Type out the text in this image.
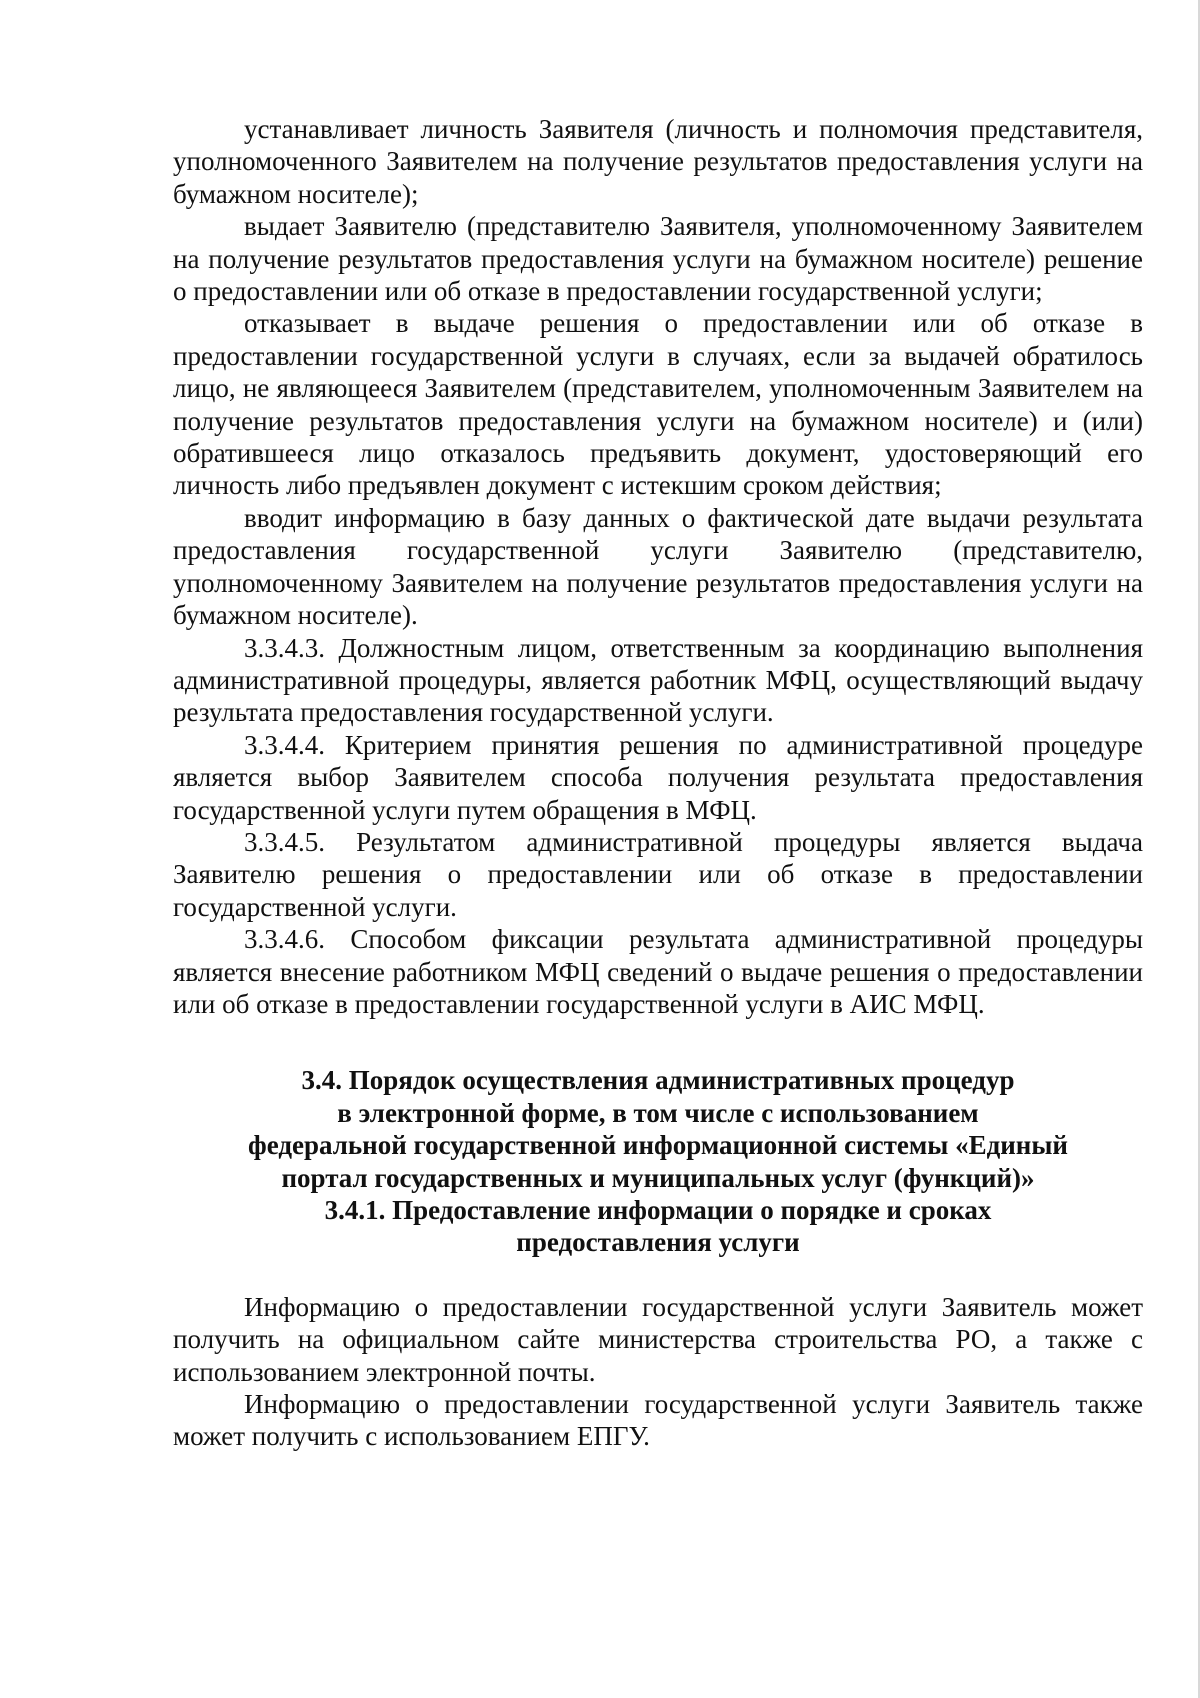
устанавливает личность Заявителя (личность и полномочия представителя, уполномоченного Заявителем на получение результатов предоставления услуги на бумажном носителе);

выдает Заявителю (представителю Заявителя, уполномоченному Заявителем на получение результатов предоставления услуги на бумажном носителе) решение о предоставлении или об отказе в предоставлении государственной услуги;

отказывает в выдаче решения о предоставлении или об отказе в предоставлении государственной услуги в случаях, если за выдачей обратилось лицо, не являющееся Заявителем (представителем, уполномоченным Заявителем на получение результатов предоставления услуги на бумажном носителе) и (или) обратившееся лицо отказалось предъявить документ, удостоверяющий его личность либо предъявлен документ с истекшим сроком действия;

вводит информацию в базу данных о фактической дате выдачи результата предоставления государственной услуги Заявителю (представителю, уполномоченному Заявителем на получение результатов предоставления услуги на бумажном носителе).

3.3.4.3. Должностным лицом, ответственным за координацию выполнения административной процедуры, является работник МФЦ, осуществляющий выдачу результата предоставления государственной услуги.

3.3.4.4. Критерием принятия решения по административной процедуре является выбор Заявителем способа получения результата предоставления государственной услуги путем обращения в МФЦ.

3.3.4.5. Результатом административной процедуры является выдача Заявителю решения о предоставлении или об отказе в предоставлении государственной услуги.

3.3.4.6. Способом фиксации результата административной процедуры является внесение работником МФЦ сведений о выдаче решения о предоставлении или об отказе в предоставлении государственной услуги в АИС МФЦ.

3.4. Порядок осуществления административных процедур
в электронной форме, в том числе с использованием
федеральной государственной информационной системы «Единый
портал государственных и муниципальных услуг (функций)»
3.4.1. Предоставление информации о порядке и сроках
предоставления услуги

Информацию о предоставлении государственной услуги Заявитель может получить на официальном сайте министерства строительства РО, а также с использованием электронной почты.

Информацию о предоставлении государственной услуги Заявитель также может получить с использованием ЕПГУ.
